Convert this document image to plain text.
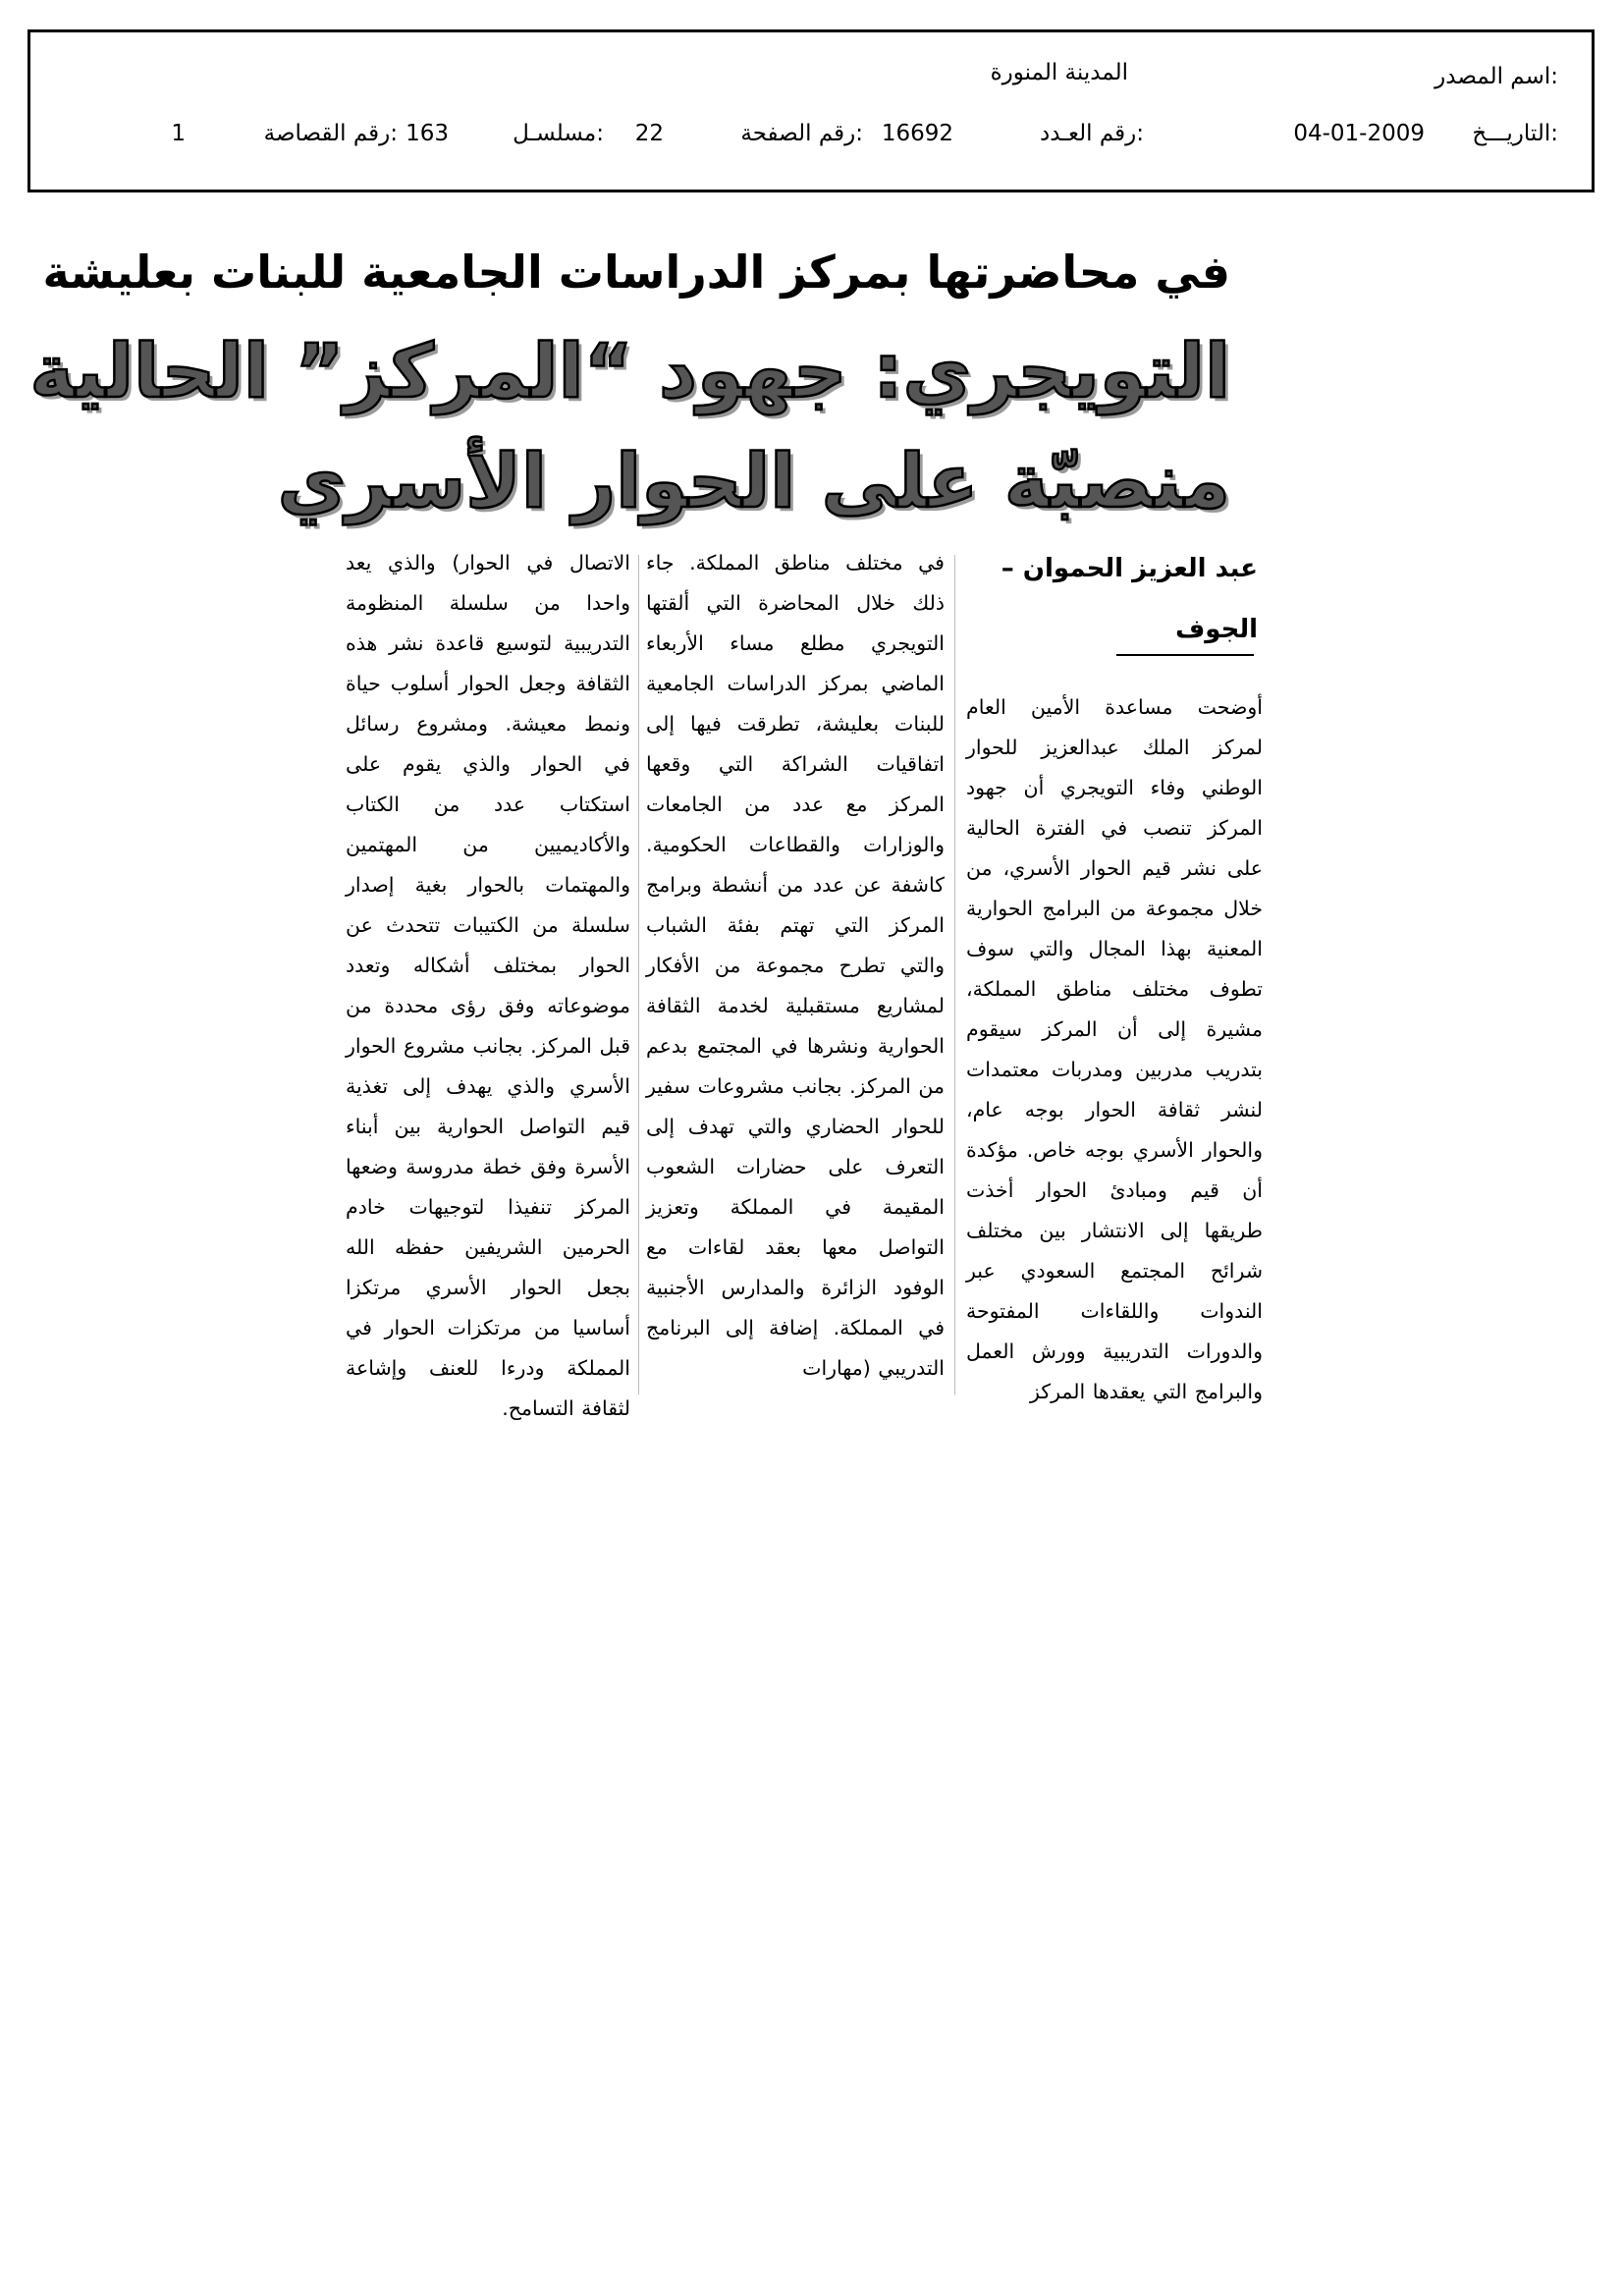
اسم المصدر:
المدينة المنورة
التاريـــخ:
04-01-2009
رقم العـدد:
16692
رقم الصفحة:
22
مسلسـل:
163
رقم القصاصة:
1
في محاضرتها بمركز الدراسات الجامعية للبنات بعليشة
التويجري: جهود “المركز” الحالية
منصبّة على الحوار الأسري
عبد العزيز الحموان –
الجوف

أوضحت مساعدة الأمين العام لمركز الملك عبدالعزيز للحوار الوطني وفاء التويجري أن جهود المركز تنصب في الفترة الحالية على نشر قيم الحوار الأسري، من خلال مجموعة من البرامج الحوارية المعنية بهذا المجال والتي سوف تطوف مختلف مناطق المملكة، مشيرة إلى أن المركز سيقوم بتدريب مدربين ومدربات معتمدات لنشر ثقافة الحوار بوجه عام، والحوار الأسري بوجه خاص. مؤكدة أن قيم ومبادئ الحوار أخذت طريقها إلى الانتشار بين مختلف شرائح المجتمع السعودي عبر الندوات واللقاءات المفتوحة والدورات التدريبية وورش العمل والبرامج التي يعقدها المركز

في مختلف مناطق المملكة. جاء ذلك خلال المحاضرة التي ألقتها التويجري مطلع مساء الأربعاء الماضي بمركز الدراسات الجامعية للبنات بعليشة، تطرقت فيها إلى اتفاقيات الشراكة التي وقعها المركز مع عدد من الجامعات والوزارات والقطاعات الحكومية. كاشفة عن عدد من أنشطة وبرامج المركز التي تهتم بفئة الشباب والتي تطرح مجموعة من الأفكار لمشاريع مستقبلية لخدمة الثقافة الحوارية ونشرها في المجتمع بدعم من المركز. بجانب مشروعات سفير للحوار الحضاري والتي تهدف إلى التعرف على حضارات الشعوب المقيمة في المملكة وتعزيز التواصل معها بعقد لقاءات مع الوفود الزائرة والمدارس الأجنبية في المملكة. إضافة إلى البرنامج التدريبي (مهارات

الاتصال في الحوار) والذي يعد واحدا من سلسلة المنظومة التدريبية لتوسيع قاعدة نشر هذه الثقافة وجعل الحوار أسلوب حياة ونمط معيشة. ومشروع رسائل في الحوار والذي يقوم على استكتاب عدد من الكتاب والأكاديميين من المهتمين والمهتمات بالحوار بغية إصدار سلسلة من الكتيبات تتحدث عن الحوار بمختلف أشكاله وتعدد موضوعاته وفق رؤى محددة من قبل المركز. بجانب مشروع الحوار الأسري والذي يهدف إلى تغذية قيم التواصل الحوارية بين أبناء الأسرة وفق خطة مدروسة وضعها المركز تنفيذا لتوجيهات خادم الحرمين الشريفين حفظه الله بجعل الحوار الأسري مرتكزا أساسيا من مرتكزات الحوار في المملكة ودرءا للعنف وإشاعة لثقافة التسامح.
